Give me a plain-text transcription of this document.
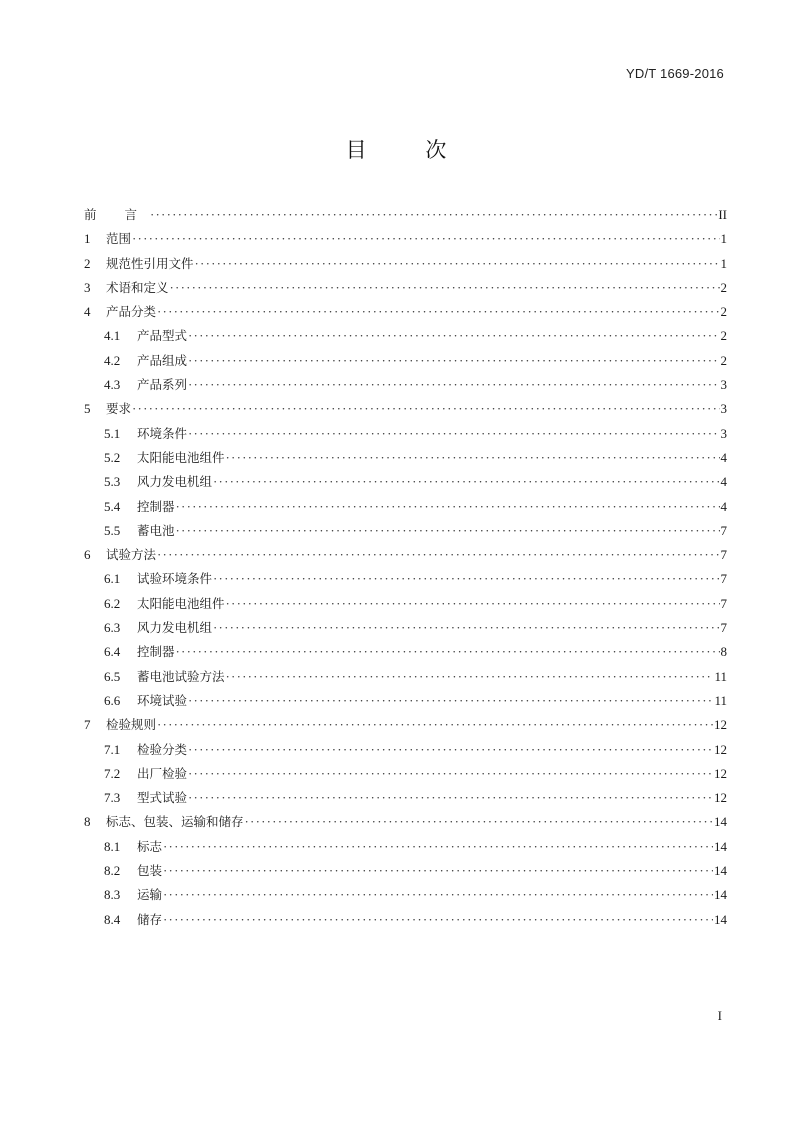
YD/T 1669-2016
目 次
前 言 ·····	II
1	范围 ·····	1
2	规范性引用文件 ·····	1
3	术语和定义 ·····	2
4	产品分类 ·····	2
4.1	产品型式 ·····	2
4.2	产品组成 ·····	2
4.3	产品系列 ·····	3
5	要求 ·····	3
5.1	环境条件 ·····	3
5.2	太阳能电池组件 ·····	4
5.3	风力发电机组 ·····	4
5.4	控制器 ·····	4
5.5	蓄电池 ·····	7
6	试验方法 ·····	7
6.1	试验环境条件 ·····	7
6.2	太阳能电池组件 ·····	7
6.3	风力发电机组 ·····	7
6.4	控制器 ·····	8
6.5	蓄电池试验方法 ·····	11
6.6	环境试验 ·····	11
7	检验规则 ·····	12
7.1	检验分类 ·····	12
7.2	出厂检验 ·····	12
7.3	型式试验 ·····	12
8	标志、包装、运输和储存 ·····	14
8.1	标志 ·····	14
8.2	包装 ·····	14
8.3	运输 ·····	14
8.4	储存 ·····	14
I
